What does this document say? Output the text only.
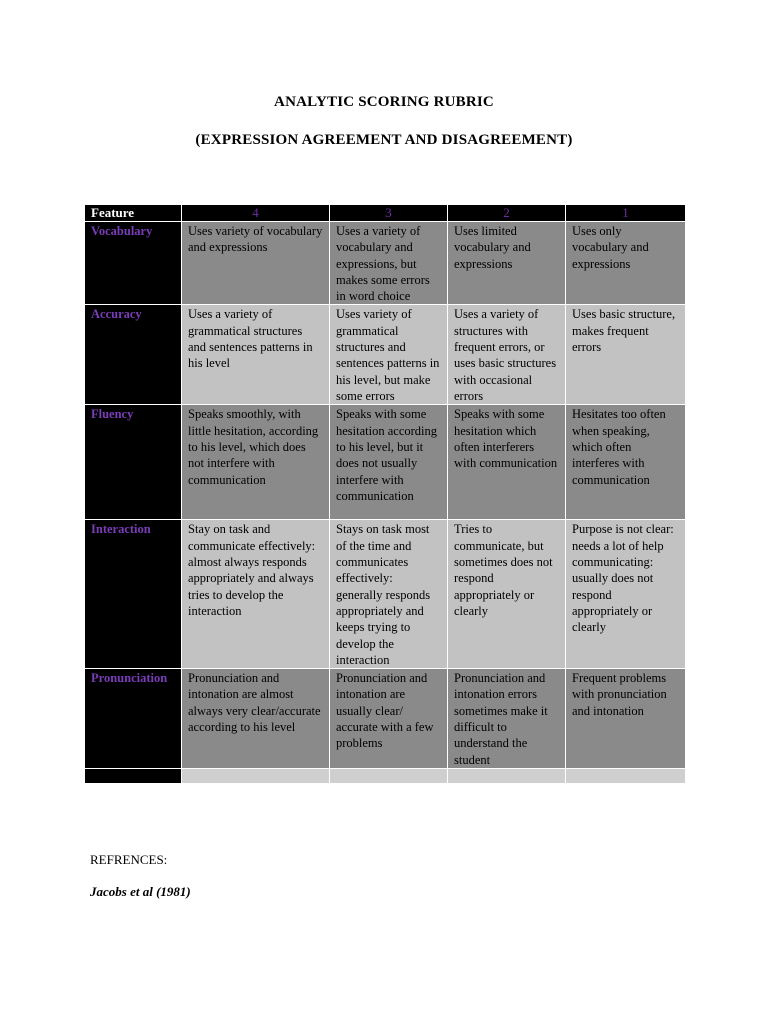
ANALYTIC SCORING RUBRIC
(EXPRESSION AGREEMENT AND DISAGREEMENT)
Feature	4	3	2	1
Vocabulary	Uses variety of vocabulary and expressions	Uses a variety of vocabulary and expressions, but makes some errors in word choice	Uses limited vocabulary and expressions	Uses only vocabulary and expressions
Accuracy	Uses a variety of grammatical structures and sentences patterns in his level	Uses variety of grammatical structures and sentences patterns in his level, but make some errors	Uses a variety of structures with frequent errors, or uses basic structures with occasional errors	Uses basic structure, makes frequent errors
Fluency	Speaks smoothly, with little hesitation, according to his level, which does not interfere with communication	Speaks with some hesitation according to his level, but it does not usually interfere with communication	Speaks with some hesitation which often interferers with communication	Hesitates too often when speaking, which often interferes with communication
Interaction	Stay on task and communicate effectively: almost always responds appropriately and always tries to develop the interaction	Stays on task most of the time and communicates effectively: generally responds appropriately and keeps trying to develop the interaction	Tries to communicate, but sometimes does not respond appropriately or clearly	Purpose is not clear: needs a lot of help communicating: usually does not respond appropriately or clearly
Pronunciation	Pronunciation and intonation are almost always very clear/accurate according to his level	Pronunciation and intonation are usually clear/ accurate with a few problems	Pronunciation and intonation errors sometimes make it difficult to understand the student	Frequent problems with pronunciation and intonation

REFRENCES:
Jacobs et al (1981)
